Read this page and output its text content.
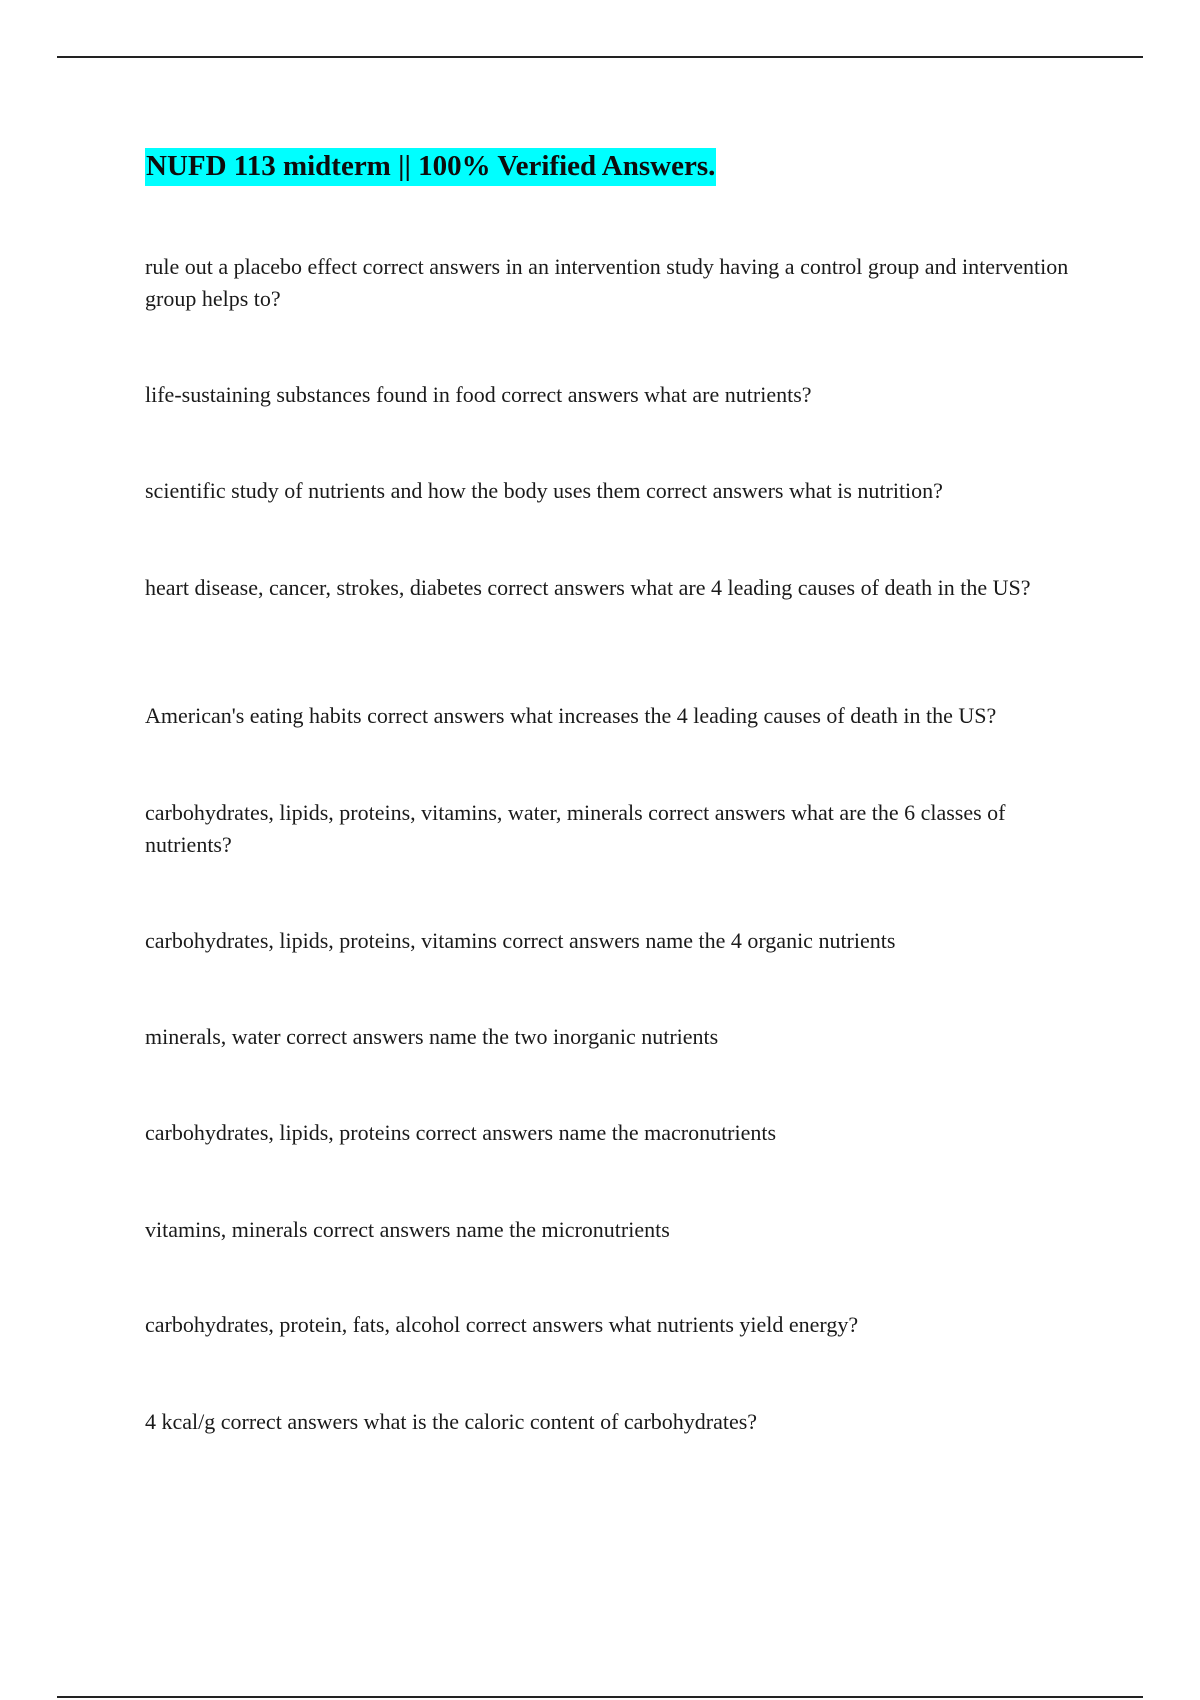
NUFD 113 midterm || 100% Verified Answers.

rule out a placebo effect correct answers in an intervention study having a control group and intervention group helps to?

life-sustaining substances found in food correct answers what are nutrients?

scientific study of nutrients and how the body uses them correct answers what is nutrition?

heart disease, cancer, strokes, diabetes correct answers what are 4 leading causes of death in the US?

American's eating habits correct answers what increases the 4 leading causes of death in the US?

carbohydrates, lipids, proteins, vitamins, water, minerals correct answers what are the 6 classes of nutrients?

carbohydrates, lipids, proteins, vitamins correct answers name the 4 organic nutrients

minerals, water correct answers name the two inorganic nutrients

carbohydrates, lipids, proteins correct answers name the macronutrients

vitamins, minerals correct answers name the micronutrients

carbohydrates, protein, fats, alcohol correct answers what nutrients yield energy?

4 kcal/g correct answers what is the caloric content of carbohydrates?
